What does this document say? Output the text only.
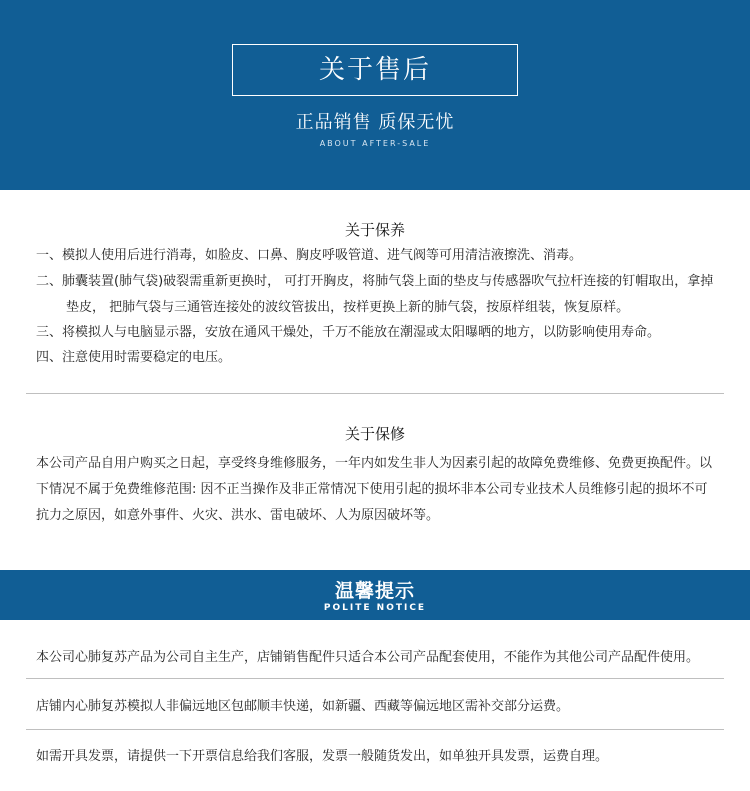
关于售后
正品销售 质保无忧
ABOUT AFTER-SALE
关于保养
一、模拟人使用后进行消毒，如脸皮、口鼻、胸皮呼吸管道、进气阀等可用清洁液擦洗、消毒。
二、肺囊装置(肺气袋)破裂需重新更换时， 可打开胸皮，将肺气袋上面的垫皮与传感器吹气拉杆连接的钉帽取出，拿掉垫皮， 把肺气袋与三通管连接处的波纹管拔出，按样更换上新的肺气袋，按原样组装，恢复原样。
三、将模拟人与电脑显示器，安放在通风干燥处，千万不能放在潮湿或太阳曝晒的地方，以防影响使用寿命。
四、注意使用时需要稳定的电压。
关于保修
本公司产品自用户购买之日起，享受终身维修服务，一年内如发生非人为因素引起的故障免费维修、免费更换配件。以下情况不属于免费维修范围: 因不正当操作及非正常情况下使用引起的损坏非本公司专业技术人员维修引起的损坏不可抗力之原因，如意外事件、火灾、洪水、雷电破坏、人为原因破坏等。
温馨提示
POLITE NOTICE
本公司心肺复苏产品为公司自主生产，店铺销售配件只适合本公司产品配套使用，不能作为其他公司产品配件使用。
店铺内心肺复苏模拟人非偏远地区包邮顺丰快递，如新疆、西藏等偏远地区需补交部分运费。
如需开具发票，请提供一下开票信息给我们客服，发票一般随货发出，如单独开具发票，运费自理。
